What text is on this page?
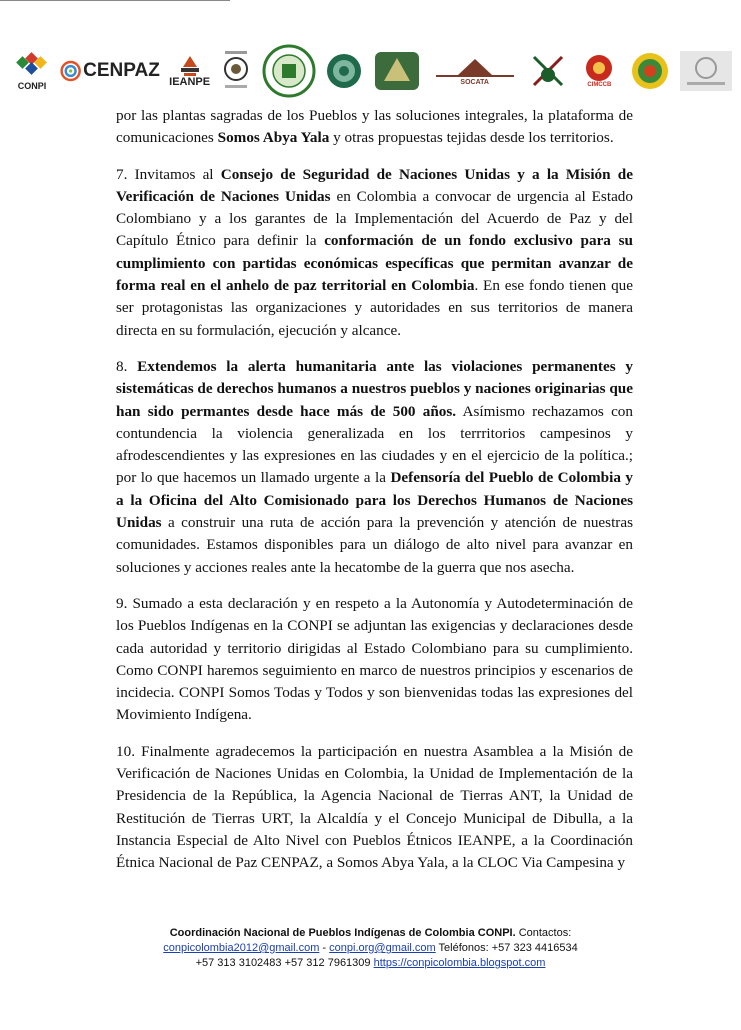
CONPI
CENPAZ
IEANPE	SOCATA	CIMCCB

por las plantas sagradas de los Pueblos y las soluciones integrales, la plataforma de comunicaciones Somos Abya Yala y otras propuestas tejidas desde los territorios.

7. Invitamos al Consejo de Seguridad de Naciones Unidas y a la Misión de Verificación de Naciones Unidas en Colombia a convocar de urgencia al Estado Colombiano y a los garantes de la Implementación del Acuerdo de Paz y del Capítulo Étnico para definir la conformación de un fondo exclusivo para su cumplimiento con partidas económicas específicas que permitan avanzar de forma real en el anhelo de paz territorial en Colombia. En ese fondo tienen que ser protagonistas las organizaciones y autoridades en sus territorios de manera directa en su formulación, ejecución y alcance.

8. Extendemos la alerta humanitaria ante las violaciones permanentes y sistemáticas de derechos humanos a nuestros pueblos y naciones originarias que han sido permantes desde hace más de 500 años. Asímismo rechazamos con contundencia la violencia generalizada en los terrritorios campesinos y afrodescendientes y las expresiones en las ciudades y en el ejercicio de la política.; por lo que hacemos un llamado urgente a la Defensoría del Pueblo de Colombia y a la Oficina del Alto Comisionado para los Derechos Humanos de Naciones Unidas a construir una ruta de acción para la prevención y atención de nuestras comunidades. Estamos disponibles para un diálogo de alto nivel para avanzar en soluciones y acciones reales ante la hecatombe de la guerra que nos asecha.

9. Sumado a esta declaración y en respeto a la Autonomía y Autodeterminación de los Pueblos Indígenas en la CONPI se adjuntan las exigencias y declaraciones desde cada autoridad y territorio dirigidas al Estado Colombiano para su cumplimiento. Como CONPI haremos seguimiento en marco de nuestros principios y escenarios de incidecia. CONPI Somos Todas y Todos y son bienvenidas todas las expresiones del Movimiento Indígena.

10. Finalmente agradecemos la participación en nuestra Asamblea a la Misión de Verificación de Naciones Unidas en Colombia, la Unidad de Implementación de la Presidencia de la República, la Agencia Nacional de Tierras ANT, la Unidad de Restitución de Tierras URT, la Alcaldía y el Concejo Municipal de Dibulla, a la Instancia Especial de Alto Nivel con Pueblos Étnicos IEANPE, a la Coordinación Étnica Nacional de Paz CENPAZ, a Somos Abya Yala, a la CLOC Via Campesina y

Coordinación Nacional de Pueblos Indígenas de Colombia CONPI. Contactos:
conpicolombia2012@gmail.com - conpi.org@gmail.com Teléfonos: +57 323 4416534
+57 313 3102483 +57 312 7961309 https://conpicolombia.blogspot.com
